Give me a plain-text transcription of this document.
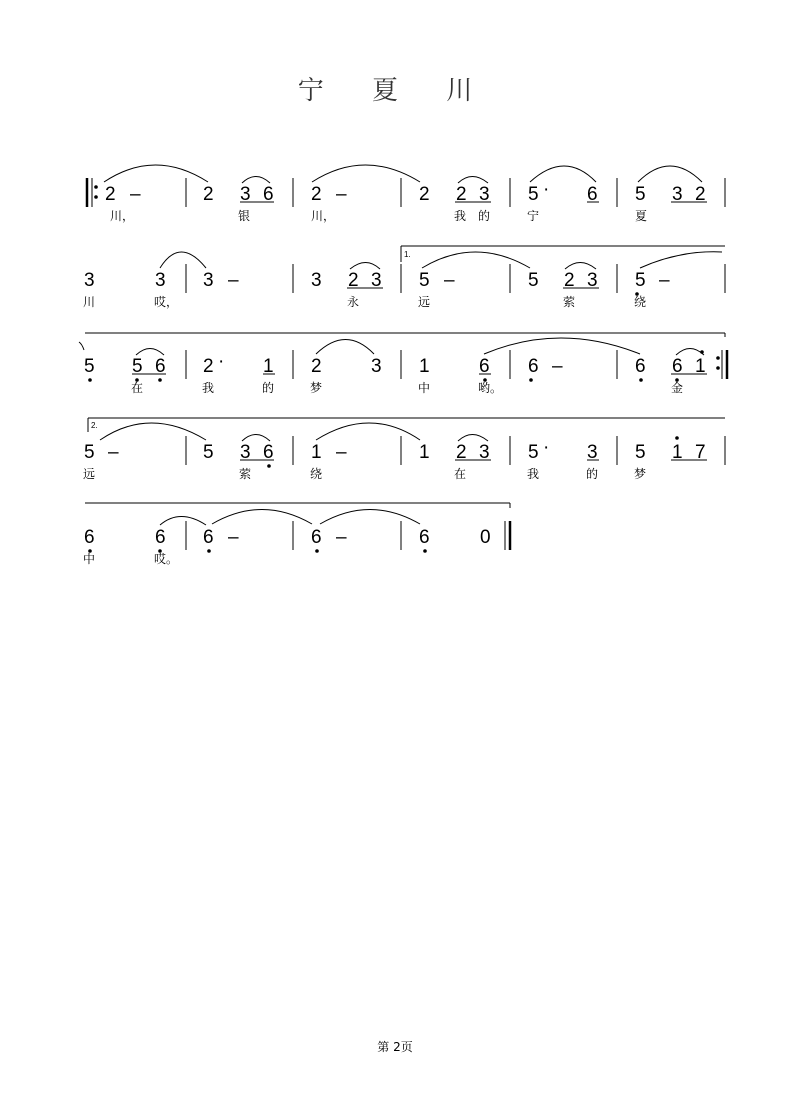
宁 夏 川
1.
2.
2 –	2 3 6 2 –	2 2 3 5 · 6 5 3 2
3	3 3 –	3 2 3 5 –	5 2 3 5 –
5 5 6 2 · 1 2	3 1	6 6 –	6 6 1
5 –	5 3 6 1 –	1 2 3 5 · 3 5 1 7
6	6 6 –	6 –	6	0
川，	银	川，	我 的	宁	夏
川	哎，	永	远	萦	绕
在	我	的	梦	中	哟。	金
远	萦	绕	在	我	的	梦
中	哎。
第 2页
